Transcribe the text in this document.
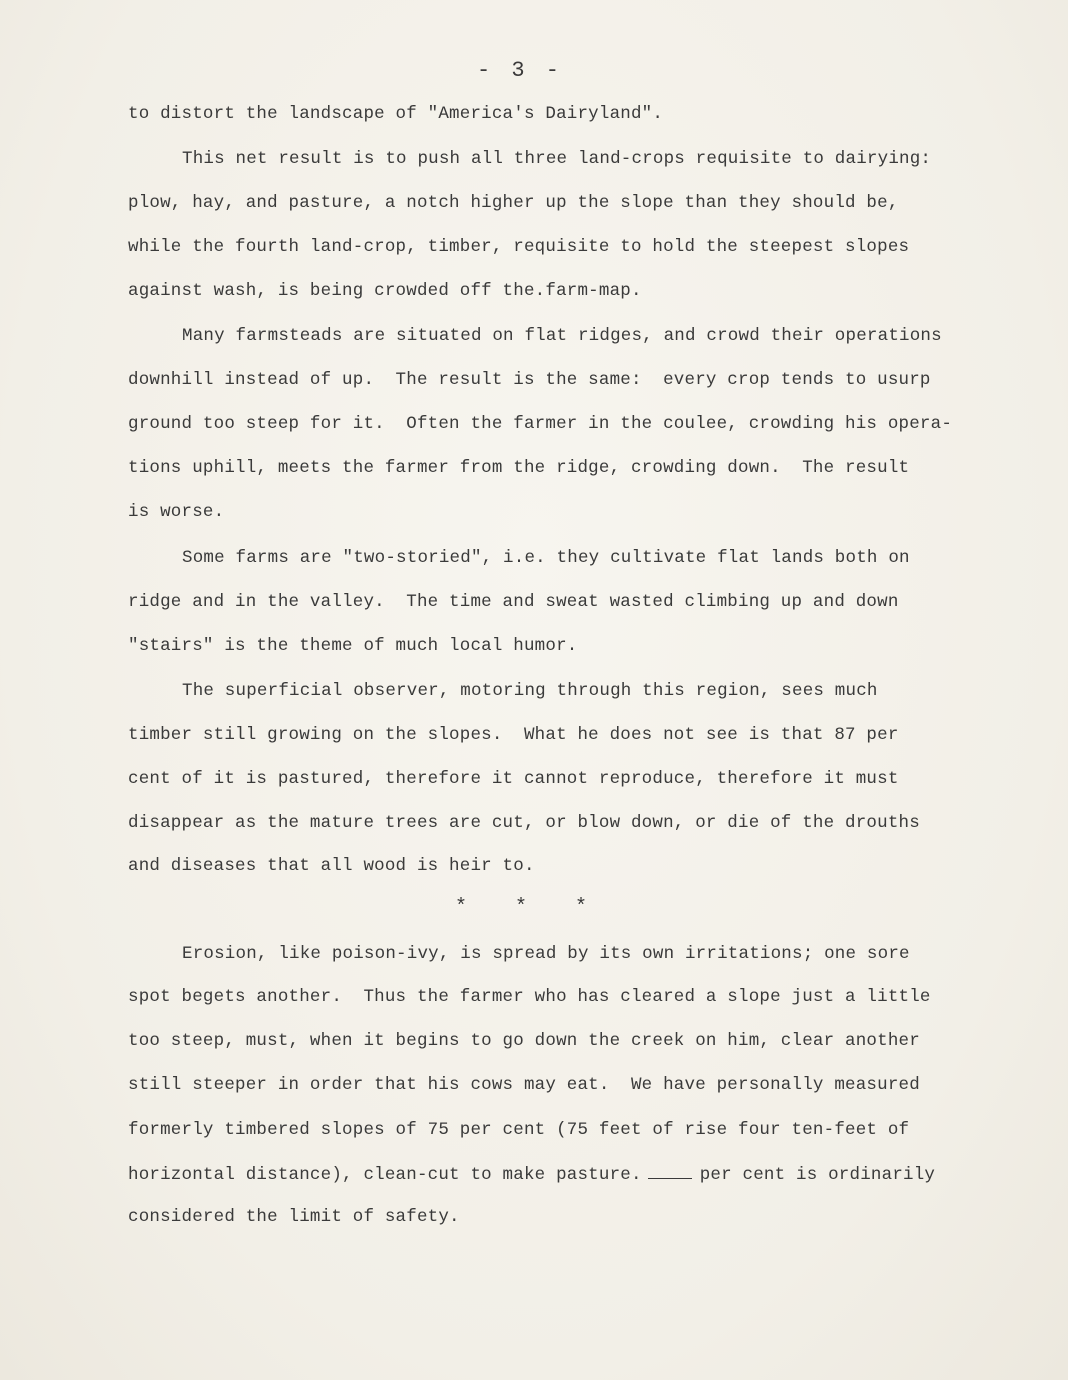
- 3 -
to distort the landscape of "America's Dairyland".
This net result is to push all three land-crops requisite to dairying:
plow, hay, and pasture, a notch higher up the slope than they should be,
while the fourth land-crop, timber, requisite to hold the steepest slopes
against wash, is being crowded off the.farm-map.
Many farmsteads are situated on flat ridges, and crowd their operations
downhill instead of up.  The result is the same:  every crop tends to usurp
ground too steep for it.  Often the farmer in the coulee, crowding his opera-
tions uphill, meets the farmer from the ridge, crowding down.  The result
is worse.
Some farms are "two-storied", i.e. they cultivate flat lands both on
ridge and in the valley.  The time and sweat wasted climbing up and down
"stairs" is the theme of much local humor.
The superficial observer, motoring through this region, sees much
timber still growing on the slopes.  What he does not see is that 87 per
cent of it is pastured, therefore it cannot reproduce, therefore it must
disappear as the mature trees are cut, or blow down, or die of the drouths
and diseases that all wood is heir to.
*    *    *
Erosion, like poison-ivy, is spread by its own irritations; one sore
spot begets another.  Thus the farmer who has cleared a slope just a little
too steep, must, when it begins to go down the creek on him, clear another
still steeper in order that his cows may eat.  We have personally measured
formerly timbered slopes of 75 per cent (75 feet of rise four ten-feet of
horizontal distance), clean-cut to make pasture.	per cent is ordinarily
considered the limit of safety.
